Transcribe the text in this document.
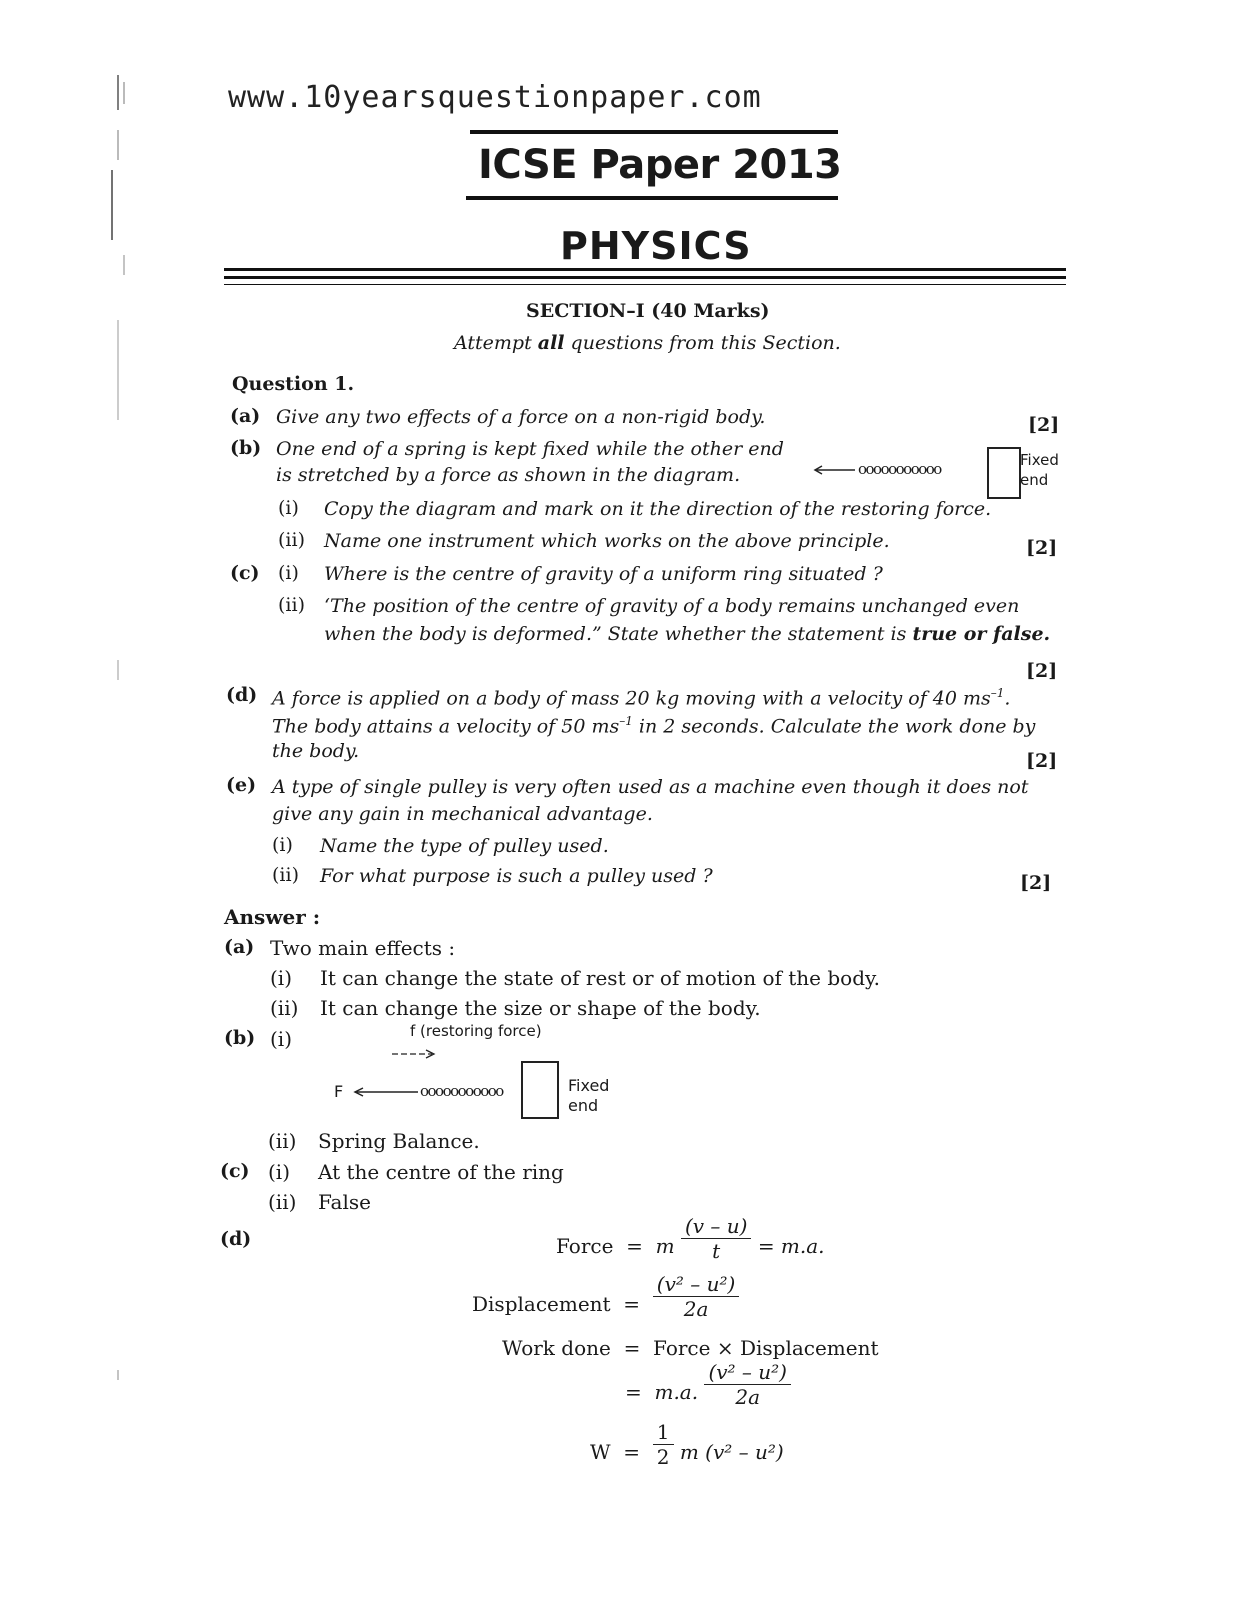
www.10yearsquestionpaper.com
ICSE Paper 2013
PHYSICS
SECTION–I (40 Marks)
Attempt all questions from this Section.
Question 1.
(a) Give any two effects of a force on a non-rigid body.	[2]
(b) One end of a spring is kept fixed while the other end
is stretched by a force as shown in the diagram.	ooooooooooo	Fixed
end
(i) Copy the diagram and mark on it the direction of the restoring force.
(ii) Name one instrument which works on the above principle.	[2]
(c) (i) Where is the centre of gravity of a uniform ring situated ?
(ii) ‘The position of the centre of gravity of a body remains unchanged even
when the body is deformed.” State whether the statement is true or false.
[2]
(d) A force is applied on a body of mass 20 kg moving with a velocity of 40 $ms^{-1}$.
The body attains a velocity of 50 $ms^{-1}$ in 2 seconds. Calculate the work done by
the body.	[2]
(e) A type of single pulley is very often used as a machine even though it does not
give any gain in mechanical advantage.
(i) Name the type of pulley used.
(ii) For what purpose is such a pulley used ?	[2]
Answer :
(a) Two main effects :
(i) It can change the state of rest or of motion of the body.
(ii) It can change the size or shape of the body.
(b) (i)	f (restoring force)
F	ooooooooooo	Fixed
end
(ii) Spring Balance.
(c) (i) At the centre of the ring
(ii) False
(d)	Force = m $\frac{(v - u)}{t} = m.a$.
Displacement = $\frac{\text{(v² – u²)}}{2a}$
Work done = Force × Displacement
= m.a. $\frac{\text{(v² – u²)}}{2a}$
$W = \frac{1}{2}$ m (v² – u²)
